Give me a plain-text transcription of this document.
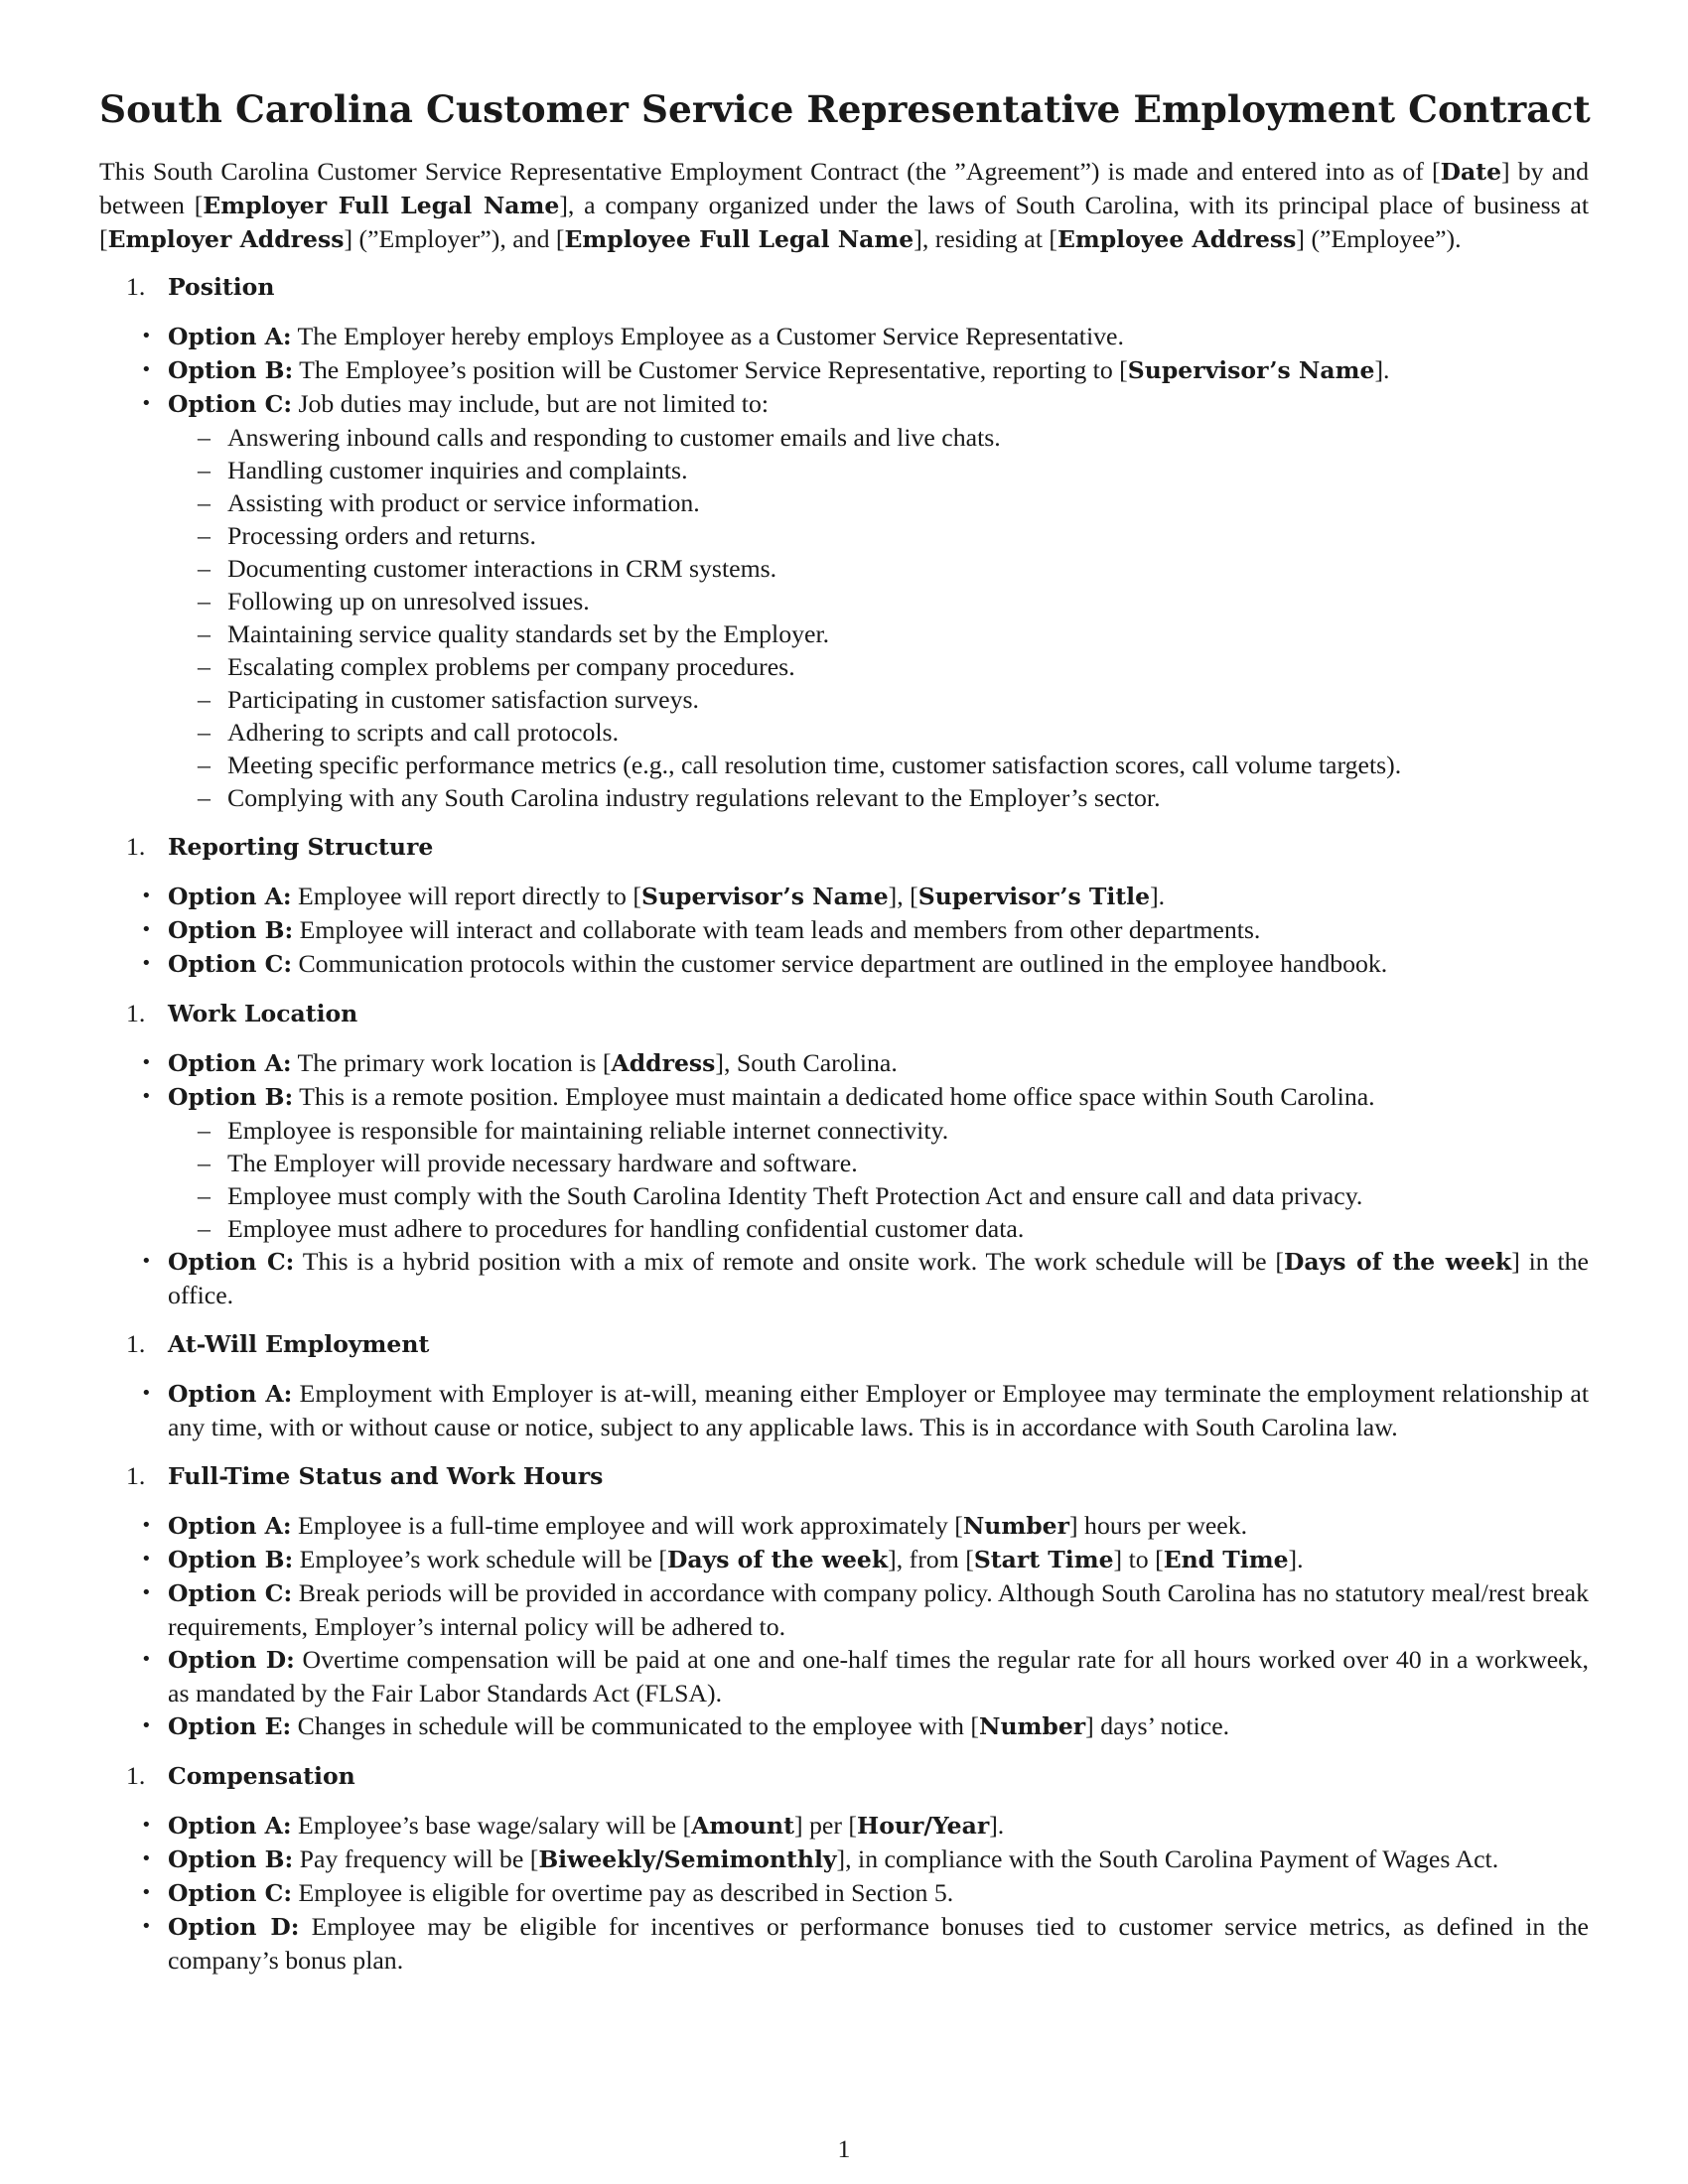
South Carolina Customer Service Representative Employment Contract

This South Carolina Customer Service Representative Employment Contract (the ”Agreement”) is made and entered into as of [Date] by and between [Employer Full Legal Name], a company organized under the laws of South Carolina, with its principal place of business at [Employer Address] (”Employer”), and [Employee Full Legal Name], residing at [Employee Address] (”Employee”).

1. Position
• Option A: The Employer hereby employs Employee as a Customer Service Representative.
• Option B: The Employee’s position will be Customer Service Representative, reporting to [Supervisor’s Name].
• Option C: Job duties may include, but are not limited to:
– Answering inbound calls and responding to customer emails and live chats.
– Handling customer inquiries and complaints.
– Assisting with product or service information.
– Processing orders and returns.
– Documenting customer interactions in CRM systems.
– Following up on unresolved issues.
– Maintaining service quality standards set by the Employer.
– Escalating complex problems per company procedures.
– Participating in customer satisfaction surveys.
– Adhering to scripts and call protocols.
– Meeting specific performance metrics (e.g., call resolution time, customer satisfaction scores, call volume targets).
– Complying with any South Carolina industry regulations relevant to the Employer’s sector.
1. Reporting Structure
• Option A: Employee will report directly to [Supervisor’s Name], [Supervisor’s Title].
• Option B: Employee will interact and collaborate with team leads and members from other departments.
• Option C: Communication protocols within the customer service department are outlined in the employee handbook.
1. Work Location
• Option A: The primary work location is [Address], South Carolina.
• Option B: This is a remote position. Employee must maintain a dedicated home office space within South Carolina.
– Employee is responsible for maintaining reliable internet connectivity.
– The Employer will provide necessary hardware and software.
– Employee must comply with the South Carolina Identity Theft Protection Act and ensure call and data privacy.
– Employee must adhere to procedures for handling confidential customer data.
• Option C: This is a hybrid position with a mix of remote and onsite work. The work schedule will be [Days of the week] in the office.
1. At-Will Employment
• Option A: Employment with Employer is at-will, meaning either Employer or Employee may terminate the employment relationship at any time, with or without cause or notice, subject to any applicable laws. This is in accordance with South Carolina law.
1. Full-Time Status and Work Hours
• Option A: Employee is a full-time employee and will work approximately [Number] hours per week.
• Option B: Employee’s work schedule will be [Days of the week], from [Start Time] to [End Time].
• Option C: Break periods will be provided in accordance with company policy. Although South Carolina has no statutory meal/rest break requirements, Employer’s internal policy will be adhered to.
• Option D: Overtime compensation will be paid at one and one-half times the regular rate for all hours worked over 40 in a workweek, as mandated by the Fair Labor Standards Act (FLSA).
• Option E: Changes in schedule will be communicated to the employee with [Number] days’ notice.
1. Compensation
• Option A: Employee’s base wage/salary will be [Amount] per [Hour/Year].
• Option B: Pay frequency will be [Biweekly/Semimonthly], in compliance with the South Carolina Payment of Wages Act.
• Option C: Employee is eligible for overtime pay as described in Section 5.
• Option D: Employee may be eligible for incentives or performance bonuses tied to customer service metrics, as defined in the company’s bonus plan.
1
